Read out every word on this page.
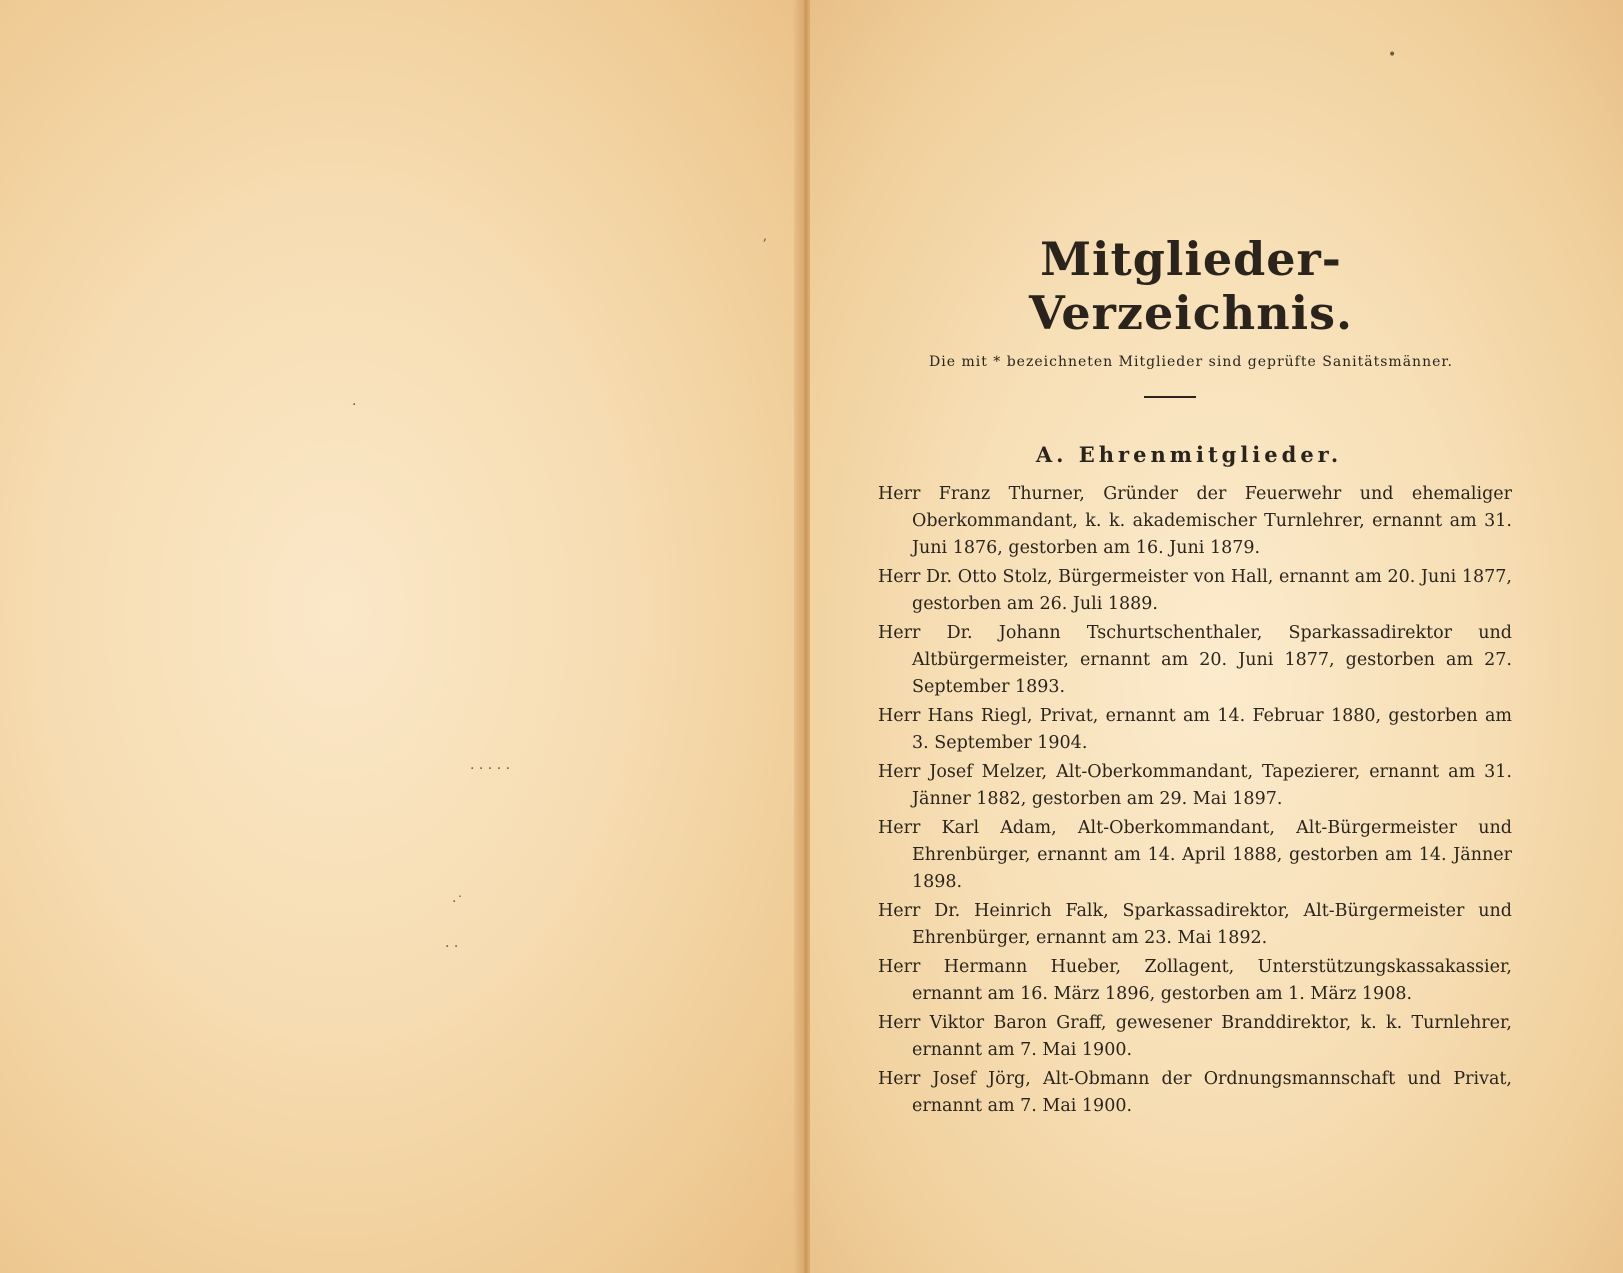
ʼ
·
· · · · ·
·˙
· ·
•
Mitglieder-Verzeichnis.

Die mit * bezeichneten Mitglieder sind geprüfte Sanitätsmänner.

A. Ehrenmitglieder.

Herr Franz Thurner, Gründer der Feuerwehr und ehemaliger Oberkommandant, k. k. akademischer Turnlehrer, ernannt am 31. Juni 1876, gestorben am 16. Juni 1879.

Herr Dr. Otto Stolz, Bürgermeister von Hall, ernannt am 20. Juni 1877, gestorben am 26. Juli 1889.

Herr Dr. Johann Tschurtschenthaler, Sparkassadirektor und Altbürgermeister, ernannt am 20. Juni 1877, gestorben am 27. September 1893.

Herr Hans Riegl, Privat, ernannt am 14. Februar 1880, gestorben am 3. September 1904.

Herr Josef Melzer, Alt-Oberkommandant, Tapezierer, ernannt am 31. Jänner 1882, gestorben am 29. Mai 1897.

Herr Karl Adam, Alt-Oberkommandant, Alt-Bürgermeister und Ehrenbürger, ernannt am 14. April 1888, gestorben am 14. Jänner 1898.

Herr Dr. Heinrich Falk, Sparkassadirektor, Alt-Bürgermeister und Ehrenbürger, ernannt am 23. Mai 1892.

Herr Hermann Hueber, Zollagent, Unterstützungskassakassier, ernannt am 16. März 1896, gestorben am 1. März 1908.

Herr Viktor Baron Graff, gewesener Branddirektor, k. k. Turnlehrer, ernannt am 7. Mai 1900.

Herr Josef Jörg, Alt-Obmann der Ordnungsmannschaft und Privat, ernannt am 7. Mai 1900.
